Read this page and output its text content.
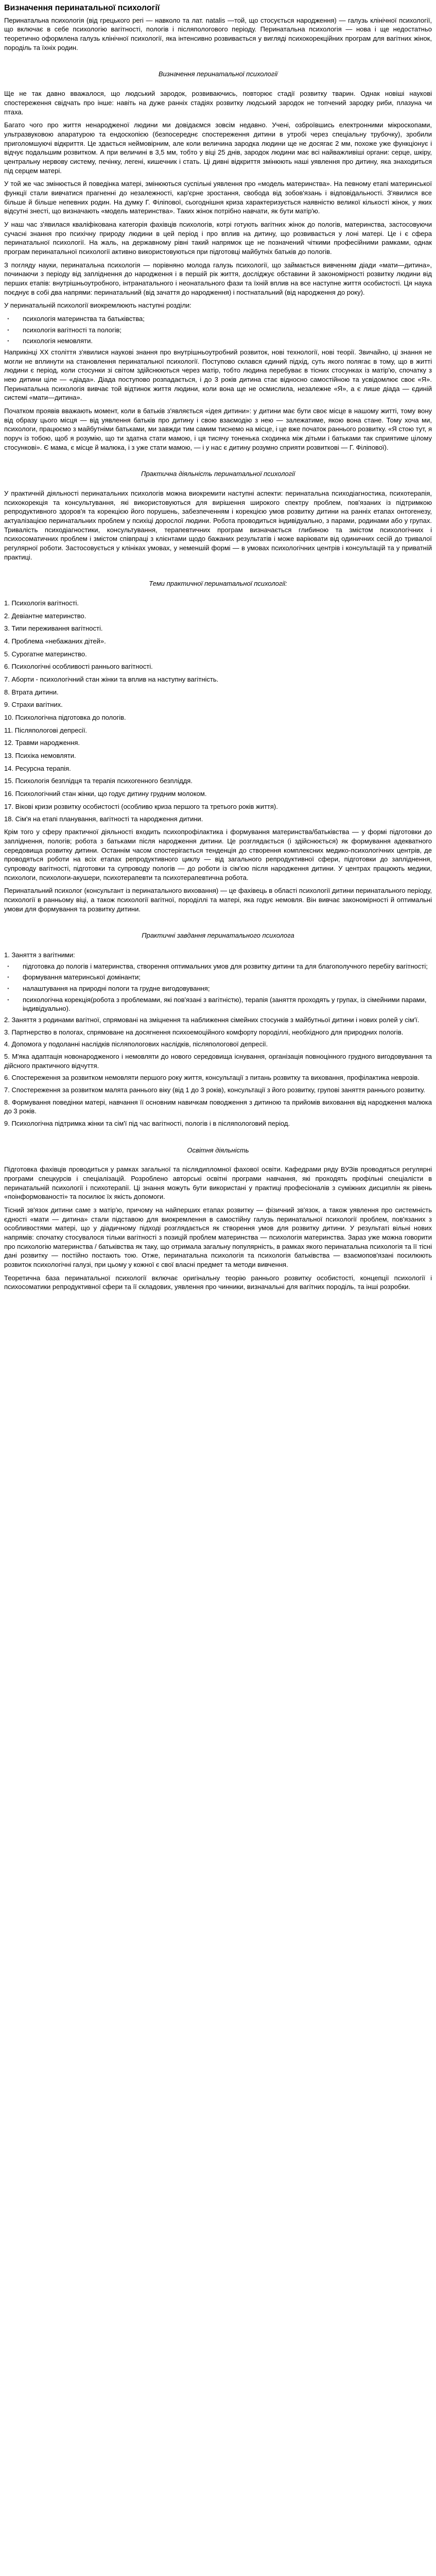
Визначення перинатальної психології

Перинатальна психологія (від грецького peri — навколо та лат. natalis —той, що стосується народження) — галузь клінічної психології, що включає в себе психологію вагітності, пологів і післяпологового періоду. Перинатальна психологія — нова і ще недостатньо теоретично оформлена галузь клінічної психології, яка інтенсивно розвивається у вигляді психокорекційних програм для вагітних жінок, породіль та їхніх родин.

Визначення перинатальної психології

Ще не так давно вважалося, що людський зародок, розвиваючись, повторює стадії розвитку тварин. Однак новіші наукові спостереження свідчать про інше: навіть на дуже ранніх стадіях розвитку людський зародок не топчений зародку риби, плазуна чи птаха.

Багато чого про життя ненародженої людини ми довідаємся зовсім недавно. Учені, озброївшись електронними мікроскопами, ультразвуковою апаратурою та ендоскопією (безпосереднє спостереження дитини в утробі через спеціальну трубочку), зробили приголомшуючі відкриття. Це здається неймовірним, але коли величина зародка людини ще не досягає 2 мм, похоже уже функціонує і відчує подальшим розвитком. А при величині в 3,5 мм, тобто у віці 25 днів, зародок людини має всі найважливіші органи: серце, шкіру, центральну нервову систему, печінку, легені, кишечник і стать. Ці дивні відкриття змінюють наші уявлення про дитину, яка знаходиться під серцем матері.

У той же час змінюється й поведінка матері, змінюються суспільні уявлення про «модель материнства». На певному етапі материнської функції стали вивчатися прагненні до незалежності, кар'єрне зростання, свобода від зобов'язань і відповідальності. З'явилися все більше й більше непевних родин. На думку Г. Філіпової, сьогоднішня криза характеризується наявністю великої кількості жінок, у яких відсутні знесті, що визначають «модель материнства». Таких жінок потрібно навчати, як бути матір'ю.

У наш час з'явилася кваліфікована категорія фахівців психологів, котрі готують вагітних жінок до пологів, материнства, застосовуючи сучасні знання про психічну природу людини в цей період і про вплив на дитину, що розвивається у лоні матері. Це і є сфера перинатальної психології. На жаль, на державному рівні такий напрямок ще не позначений чіткими професійними рамками, однак програм перинатальної психології активно використовуються при підготовці майбутніх батьків до пологів.

З погляду науки, перинатальна психологія — порівняно молода галузь психології, що займається вивченням діади «мати—дитина», починаючи з періоду від запліднення до народження і в першій рік життя, досліджує обставини й закономірності розвитку людини від перших етапів: внутрішньоутробного, інтранатального і неонатального фази та їхній вплив на все наступне життя особистості. Ця наука поєднує в собі два напрями: перинатальний (від зачаття до народження) і постнатальний (від народження до року).

У перинатальній психології виокремлюють наступні розділи:

· психологія материнства та батьківства;
· психологія вагітності та пологів;
· психологія немовляти.

Наприкінці ХХ століття з'явилися наукові знання про внутрішньоутробний розвиток, нові технології, нові теорії. Звичайно, ці знання не могли не вплинути на становлення перинатальної психології. Поступово склався єдиний підхід, суть якого полягає в тому, що в житті людини є період, коли стосунки зі світом здійснюються через матір, тобто людина перебуває в тісних стосунках із матір'ю, спочатку з нею дитини ціле — «діада». Діада поступово розпадається, і до 3 років дитина стає відносно самостійною та усвідомлює своє «Я». Перинатальна психологія вивчає той відтинок життя людини, коли вона ще не осмислила, незалежне «Я», а є лише діада — єдиній системі «мати—дитина».

Початком проявів вважають момент, коли в батьків з'являється «ідея дитини»: у дитини має бути своє місце в нашому житті, тому вону від образу цього місця — від уявлення батьків про дитину і свою взаємодію з нею — залежатиме, якою вона стане. Тому хоча ми, психологи, працюємо з майбутніми батьками, ми завжди тим самим тиснемо на місце, і це вже початок раннього розвитку. «Я стою тут, я поруч із тобою, щоб я розумію, що ти здатна стати мамою, і ця тисячу тоненька сходинка між дітьми і батьками так сприятиме цілому стосункові». Є мама, є місце й малюка, і з уже стати мамою, — і у нас є дитину розумно сприяти розвиткові — Г. Філіпової).

Практична діяльність перинатальної психології

У практичній діяльності перинатальних психологів можна виокремити наступні аспекти: перинатальна психодіагностика, психотерапія, психокорекція та консультування, які використовуються для вирішення широкого спектру проблем, пов'язаних із підтримкою репродуктивного здоров'я та корекцією його порушень, забезпеченням і корекцією умов розвитку дитини на ранніх етапах онтогенезу, актуалізацією перинатальних проблем у психіці дорослої людини. Робота проводиться індивідуально, з парами, родинами або у групах. Тривалість психодіагностики, консультування, терапевтичних програм визначається глибиною та змістом психологічних і психосоматичних проблем і змістом співпраці з клієнтами щодо бажаних результатів і може варіювати від одиничних сесій до тривалої регулярної роботи. Застосовується у клініках умовах, у неменшій формі — в умовах психологічних центрів і консультацій та у приватній практиці.

Теми практичної перинатальної психології:

1. Психологія вагітності.

2. Девіантне материнство.

3. Типи переживання вагітності.

4. Проблема «небажаних дітей».

5. Сурогатне материнство.

6. Психологічні особливості раннього вагітності.

7. Аборти - психологічний стан жінки та вплив на наступну вагітність.

8. Втрата дитини.

9. Страхи вагітних.

10. Психологічна підготовка до пологів.

11. Післяпологові депресії.

12. Травми народження.

13. Психіка немовляти.

14. Ресурсна терапія.

15. Психологія безплідця та терапія психогенного безпліддя.

16. Психологічний стан жінки, що годує дитину грудним молоком.

17. Вікові кризи розвитку особистості (особливо криза першого та третього років життя).

18. Сім'я на етапі планування, вагітності та народження дитини.

Крім того у сферу практичної діяльності входить психопрофілактика і формування материнства/батьківства — у формі підготовки до запліднення, пологів; робота з батьками після народження дитини. Це розглядається (і здійснюється) як формування адекватного середовища розвитку дитини. Останнім часом спостерігається тенденція до створення комплексних медико-психологічних центрів, де проводяться роботи на всіх етапах репродуктивного циклу — від загального репродуктивної сфери, підготовки до запліднення, супроводу вагітності, підготовки та супроводу пологів — до роботи із сім'єю після народження дитини. У центрах працюють медики, психологи, психологи-акушери, психотерапевти та психотерапевтична робота.

Перинатальний психолог (консультант із перинатального виховання) — це фахівець в області психології дитини перинатального періоду, психології в ранньому віці, а також психології вагітної, породіллі та матері, яка годує немовля. Він вивчає закономірності й оптимальні умови для формування та розвитку дитини.

Практичні завдання перинатального психолога

1. Заняття з вагітними:

· підготовка до пологів і материнства, створення оптимальних умов для розвитку дитини та для благополучного перебігу вагітності;
· формування материнської домінанти;
· налаштування на природні пологи та грудне вигодовування;
· психологічна корекція(робота з проблемами, які пов'язані з вагітністю), терапія (заняття проходять у групах, із сімейними парами, індивідуально).

2. Заняття з родинами вагітної, спрямовані на зміцнення та наближення сімейних стосунків з майбутньої дитини і нових ролей у сім'ї.

3. Партнерство в пологах, спрямоване на досягнення психоемоційного комфорту породіллі, необхідного для природних пологів.

4. Допомога у подоланні наслідків післяпологових наслідків, післяпологової депресії.

5. М'яка адаптація новонародженого і немовляти до нового середовища існування, організація повноцінного грудного вигодовування та дійсного практичного відчуття.

6. Спостереження за розвитком немовляти першого року життя, консультації з питань розвитку та виховання, профілактика неврозів.

7. Спостереження за розвитком малята раннього віку (від 1 до 3 років), консультації з його розвитку, групові заняття раннього розвитку.

8. Формування поведінки матері, навчання її основним навичкам поводження з дитиною та прийомів виховання від народження малюка до 3 років.

9. Психологічна підтримка жінки та сім'ї під час вагітності, пологів і в післяпологовий період.

Освітня діяльність

Підготовка фахівців проводиться у рамках загальної та післядипломної фахової освіти. Кафедрами ряду ВУЗів проводяться регулярні програми спецкурсів і спеціалізацій. Розроблено авторські освітні програми навчання, які проходять профільні спеціалісти в перинатальній психології і психотерапії. Ці знання можуть бути використані у практиці професіоналів з суміжних дисциплін як рівень «поінформованості» та посилює їх якість допомоги.

Тісний зв'язок дитини саме з матір'ю, причому на найперших етапах розвитку — фізичний зв'язок, а також уявлення про системність єдності «мати — дитина» стали підставою для виокремлення в самостійну галузь перинатальної психології проблем, пов'язаних з особливостями матері, що у діадичному підході розглядається як створення умов для розвитку дитини. У результаті вільні нових напрямів: спочатку стосувалося тільки вагітності з позицій проблем материнства — психологія материнства. Зараз уже можна говорити про психологію материнства / батьківства як таку, що отримала загальну популярність, в рамках якого перинатальна психологія та її тісні дані розвитку — постійно постають тою. Отже, перинатальна психологія та психологія батьківства — взаємопов'язані посилюють розвиток психологічні галузі, при цьому у кожної є свої власні предмет та методи вивчення.

Теоретична база перинатальної психології включає оригінальну теорію раннього розвитку особистості, концепції психології і психосоматики репродуктивної сфери та її складових, уявлення про чинники, визначальні для вагітних породіль, та інші розробки.
